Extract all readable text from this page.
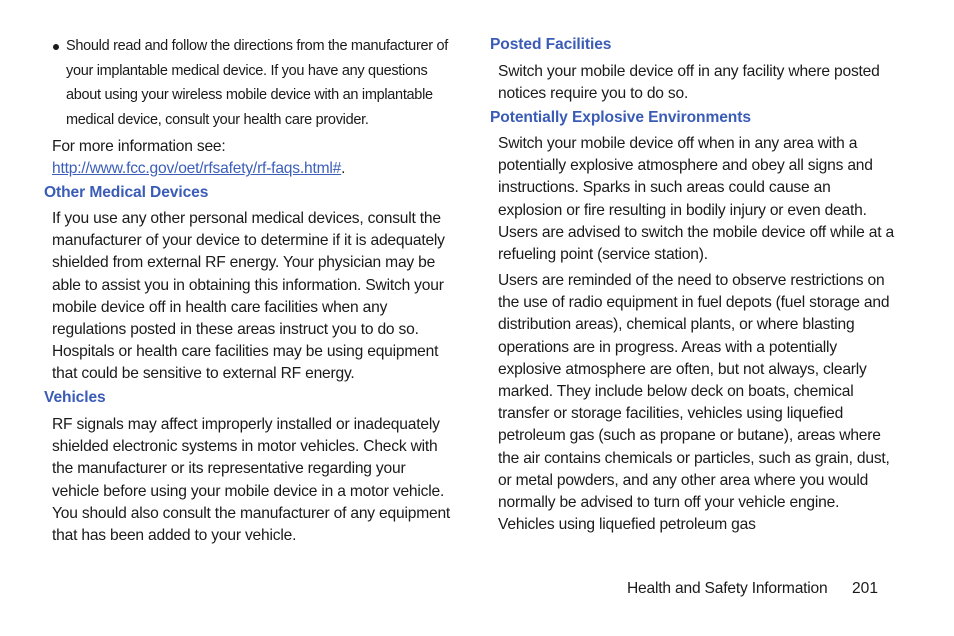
Should read and follow the directions from the manufacturer of your implantable medical device. If you have any questions about using your wireless mobile device with an implantable medical device, consult your health care provider.
For more information see: http://www.fcc.gov/oet/rfsafety/rf-faqs.html#.
Other Medical Devices
If you use any other personal medical devices, consult the manufacturer of your device to determine if it is adequately shielded from external RF energy. Your physician may be able to assist you in obtaining this information. Switch your mobile device off in health care facilities when any regulations posted in these areas instruct you to do so. Hospitals or health care facilities may be using equipment that could be sensitive to external RF energy.
Vehicles
RF signals may affect improperly installed or inadequately shielded electronic systems in motor vehicles. Check with the manufacturer or its representative regarding your vehicle before using your mobile device in a motor vehicle. You should also consult the manufacturer of any equipment that has been added to your vehicle.
Posted Facilities
Switch your mobile device off in any facility where posted notices require you to do so.
Potentially Explosive Environments
Switch your mobile device off when in any area with a potentially explosive atmosphere and obey all signs and instructions. Sparks in such areas could cause an explosion or fire resulting in bodily injury or even death. Users are advised to switch the mobile device off while at a refueling point (service station).
Users are reminded of the need to observe restrictions on the use of radio equipment in fuel depots (fuel storage and distribution areas), chemical plants, or where blasting operations are in progress. Areas with a potentially explosive atmosphere are often, but not always, clearly marked. They include below deck on boats, chemical transfer or storage facilities, vehicles using liquefied petroleum gas (such as propane or butane), areas where the air contains chemicals or particles, such as grain, dust, or metal powders, and any other area where you would normally be advised to turn off your vehicle engine. Vehicles using liquefied petroleum gas
Health and Safety Information 201
